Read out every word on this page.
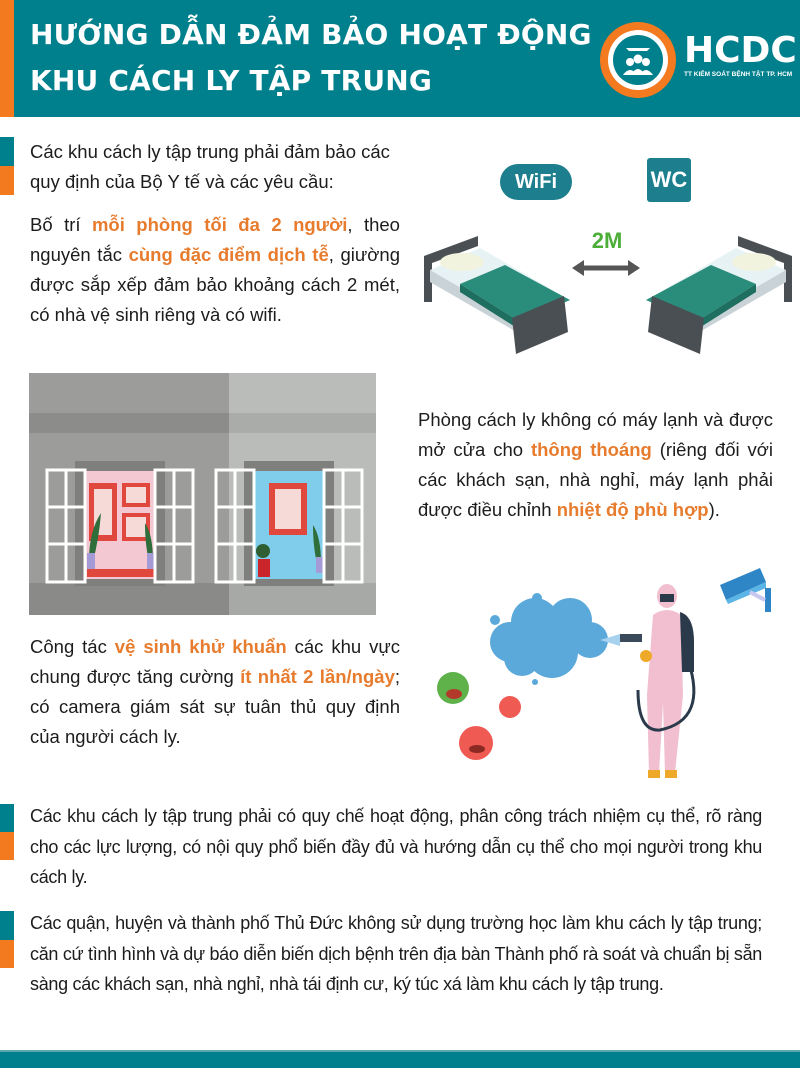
HƯỚNG DẪN ĐẢM BẢO HOẠT ĐỘNG
KHU CÁCH LY TẬP TRUNG
HCDC
TT KIỂM SOÁT BỆNH TẬT TP. HCM
Các khu cách ly tập trung phải đảm bảo các quy định của Bộ Y tế và các yêu cầu:
Bố trí mỗi phòng tối đa 2 người, theo nguyên tắc cùng đặc điểm dịch tễ, giường được sắp xếp đảm bảo khoảng cách 2 mét, có nhà vệ sinh riêng và có wifi.
WiFi	WC
2M
Phòng cách ly không có máy lạnh và được mở cửa cho thông thoáng (riêng đối với các khách sạn, nhà nghỉ, máy lạnh phải được điều chỉnh nhiệt độ phù hợp).
Công tác vệ sinh khử khuẩn các khu vực chung được tăng cường ít nhất 2 lần/ngày; có camera giám sát sự tuân thủ quy định của người cách ly.
Các khu cách ly tập trung phải có quy chế hoạt động, phân công trách nhiệm cụ thể, rõ ràng cho các lực lượng, có nội quy phổ biến đầy đủ và hướng dẫn cụ thể cho mọi người trong khu cách ly.
Các quận, huyện và thành phố Thủ Đức không sử dụng trường học làm khu cách ly tập trung; căn cứ tình hình và dự báo diễn biến dịch bệnh trên địa bàn Thành phố rà soát và chuẩn bị sẵn sàng các khách sạn, nhà nghỉ, nhà tái định cư, ký túc xá làm khu cách ly tập trung.
